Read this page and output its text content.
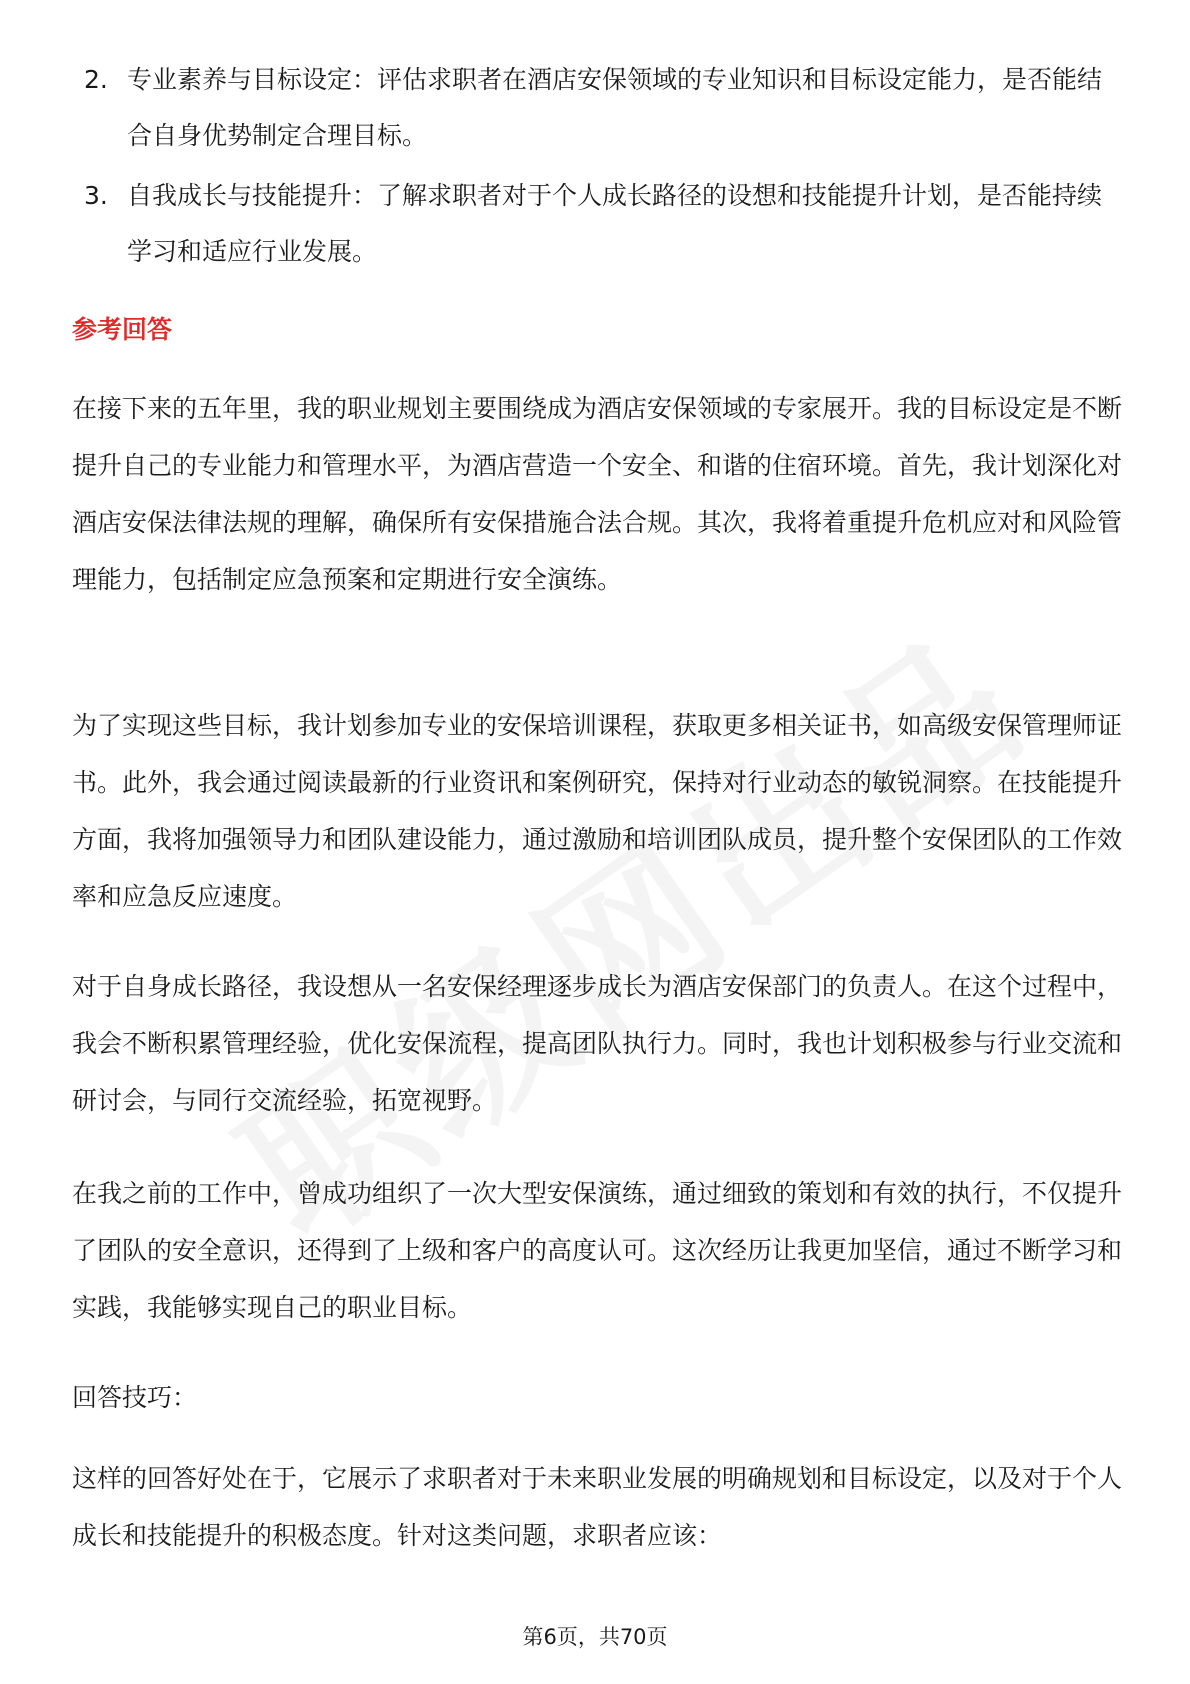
2. 专业素养与目标设定：评估求职者在酒店安保领域的专业知识和目标设定能力，是否能结合自身优势制定合理目标。
3. 自我成长与技能提升：了解求职者对于个人成长路径的设想和技能提升计划，是否能持续学习和适应行业发展。
参考回答

在接下来的五年里，我的职业规划主要围绕成为酒店安保领域的专家展开。我的目标设定是不断提升自己的专业能力和管理水平，为酒店营造一个安全、和谐的住宿环境。首先，我计划深化对酒店安保法律法规的理解，确保所有安保措施合法合规。其次，我将着重提升危机应对和风险管理能力，包括制定应急预案和定期进行安全演练。

为了实现这些目标，我计划参加专业的安保培训课程，获取更多相关证书，如高级安保管理师证书。此外，我会通过阅读最新的行业资讯和案例研究，保持对行业动态的敏锐洞察。在技能提升方面，我将加强领导力和团队建设能力，通过激励和培训团队成员，提升整个安保团队的工作效率和应急反应速度。

对于自身成长路径，我设想从一名安保经理逐步成长为酒店安保部门的负责人。在这个过程中，我会不断积累管理经验，优化安保流程，提高团队执行力。同时，我也计划积极参与行业交流和研讨会，与同行交流经验，拓宽视野。

在我之前的工作中，曾成功组织了一次大型安保演练，通过细致的策划和有效的执行，不仅提升了团队的安全意识，还得到了上级和客户的高度认可。这次经历让我更加坚信，通过不断学习和实践，我能够实现自己的职业目标。

回答技巧：

这样的回答好处在于，它展示了求职者对于未来职业发展的明确规划和目标设定，以及对于个人成长和技能提升的积极态度。针对这类问题，求职者应该：

第6页，共70页
